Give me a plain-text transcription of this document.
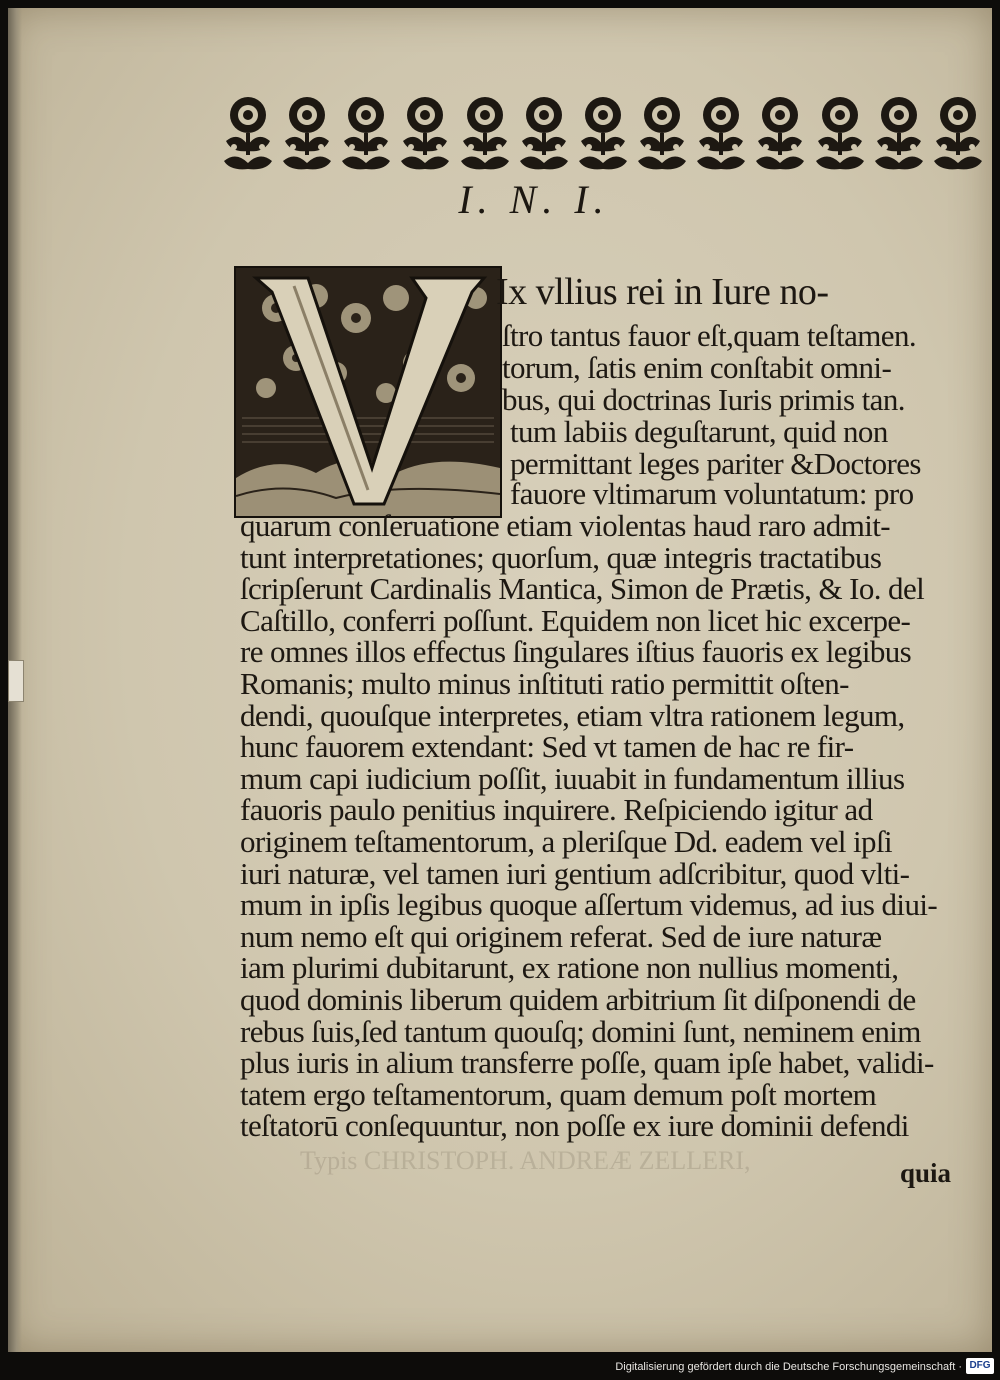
Typis CHRISTOPH. ANDREÆ ZELLERI,
I. N. I.
Ix vllius rei in Iure no-
ſtro tantus fauor eſt,quam teſtamen.
torum, ſatis enim conſtabit omni-
bus, qui doctrinas Iuris primis tan.
tum labiis deguſtarunt, quid non
permittant leges pariter &Doctores
fauore vltimarum voluntatum: pro
quarum conſeruatione etiam violentas haud raro admit-
tunt interpretationes; quorſum, quæ integris tractatibus
ſcripſerunt Cardinalis Mantica, Simon de Prætis, & Io. del
Caſtillo, conferri poſſunt. Equidem non licet hic excerpe-
re omnes illos effectus ſingulares iſtius fauoris ex legibus
Romanis; multo minus inſtituti ratio permittit oſten-
dendi, quouſque interpretes, etiam vltra rationem legum,
hunc fauorem extendant: Sed vt tamen de hac re fir-
mum capi iudicium poſſit, iuuabit in fundamentum illius
fauoris paulo penitius inquirere. Reſpiciendo igitur ad
originem teſtamentorum, a pleriſque Dd. eadem vel ipſi
iuri naturæ, vel tamen iuri gentium adſcribitur, quod vlti-
mum in ipſis legibus quoque aſſertum videmus, ad ius diui-
num nemo eſt qui originem referat. Sed de iure naturæ
iam plurimi dubitarunt, ex ratione non nullius momenti,
quod dominis liberum quidem arbitrium ſit diſponendi de
rebus ſuis,ſed tantum quouſq; domini ſunt, neminem enim
plus iuris in alium transferre poſſe, quam ipſe habet, validi-
tatem ergo teſtamentorum, quam demum poſt mortem
teſtatorū conſequuntur, non poſſe ex iure dominii defendi
quia
Digitalisierung gefördert durch die Deutsche Forschungsgemeinschaft · DFG
